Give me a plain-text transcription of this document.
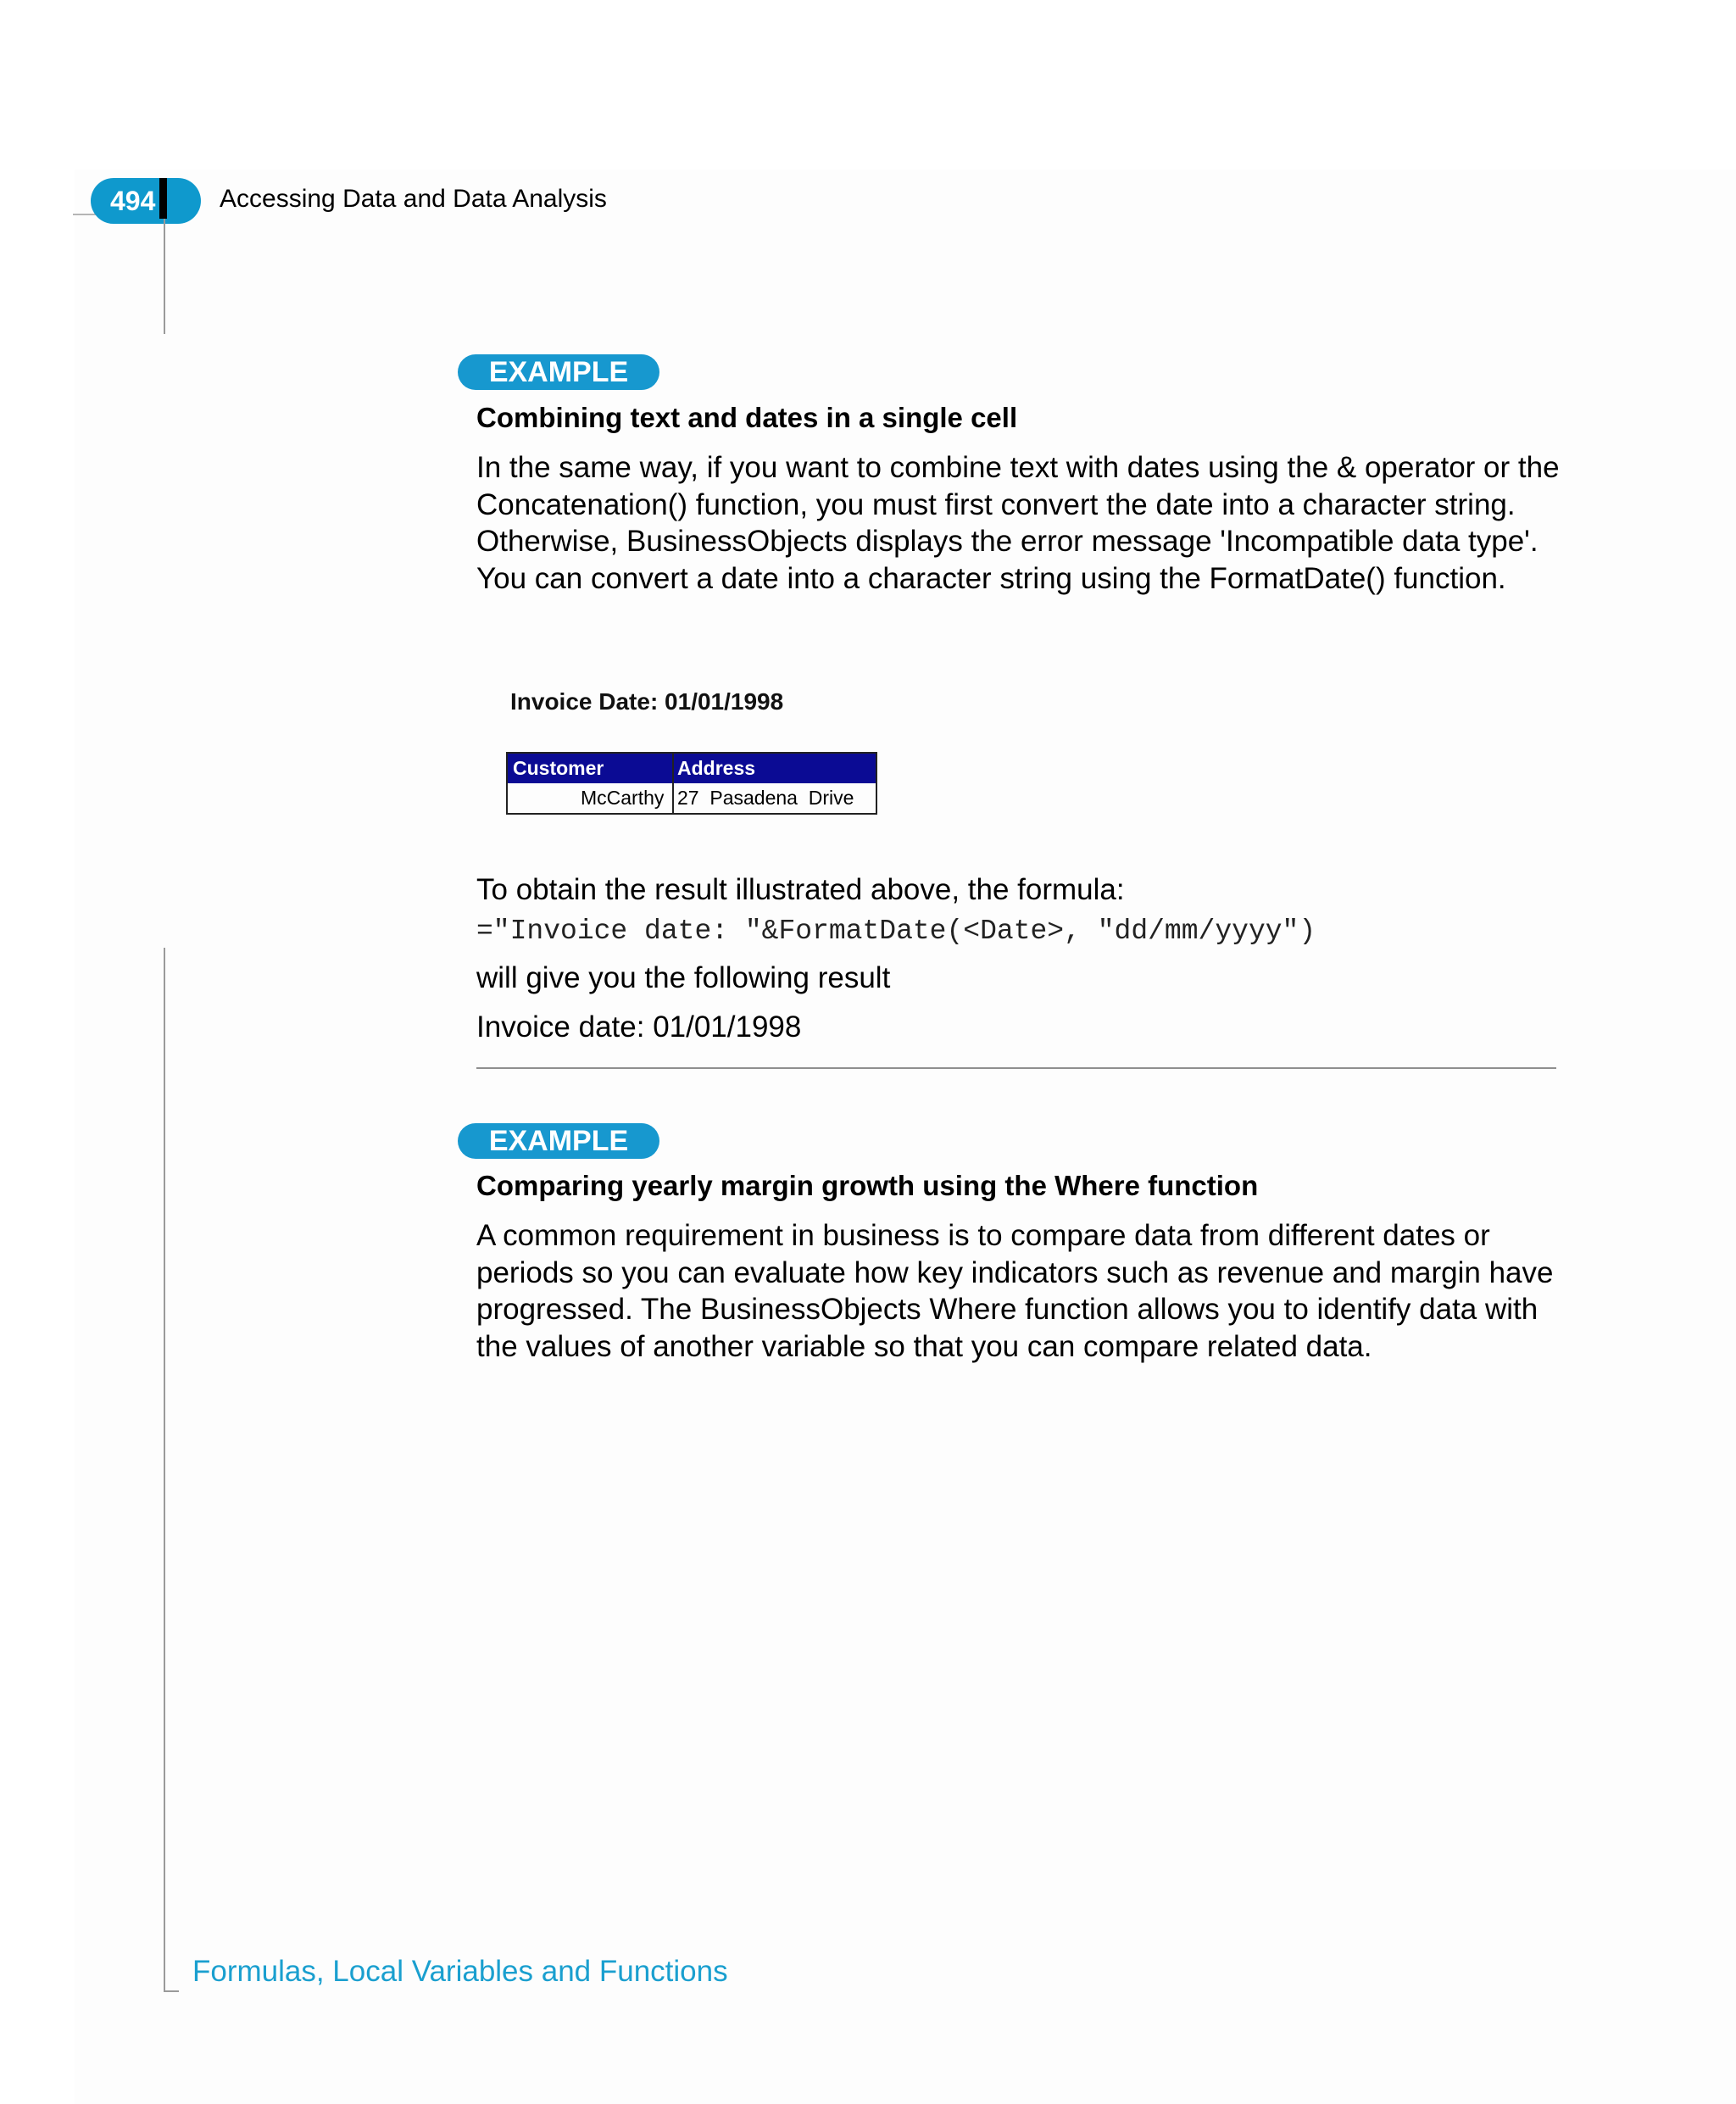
494	Accessing Data and Data Analysis
EXAMPLE
Combining text and dates in a single cell
In the same way, if you want to combine text with dates using the & operator or the Concatenation() function, you must first convert the date into a character string. Otherwise, BusinessObjects displays the error message 'Incompatible data type'. You can convert a date into a character string using the FormatDate() function.
Invoice Date: 01/01/1998
Customer	Address
McCarthy 27  Pasadena  Drive
To obtain the result illustrated above, the formula:
="Invoice date: "&FormatDate(<Date>, "dd/mm/yyyy")
will give you the following result
Invoice date: 01/01/1998
EXAMPLE
Comparing yearly margin growth using the Where function
A common requirement in business is to compare data from different dates or periods so you can evaluate how key indicators such as revenue and margin have progressed. The BusinessObjects Where function allows you to identify data with the values of another variable so that you can compare related data.
Formulas, Local Variables and Functions
